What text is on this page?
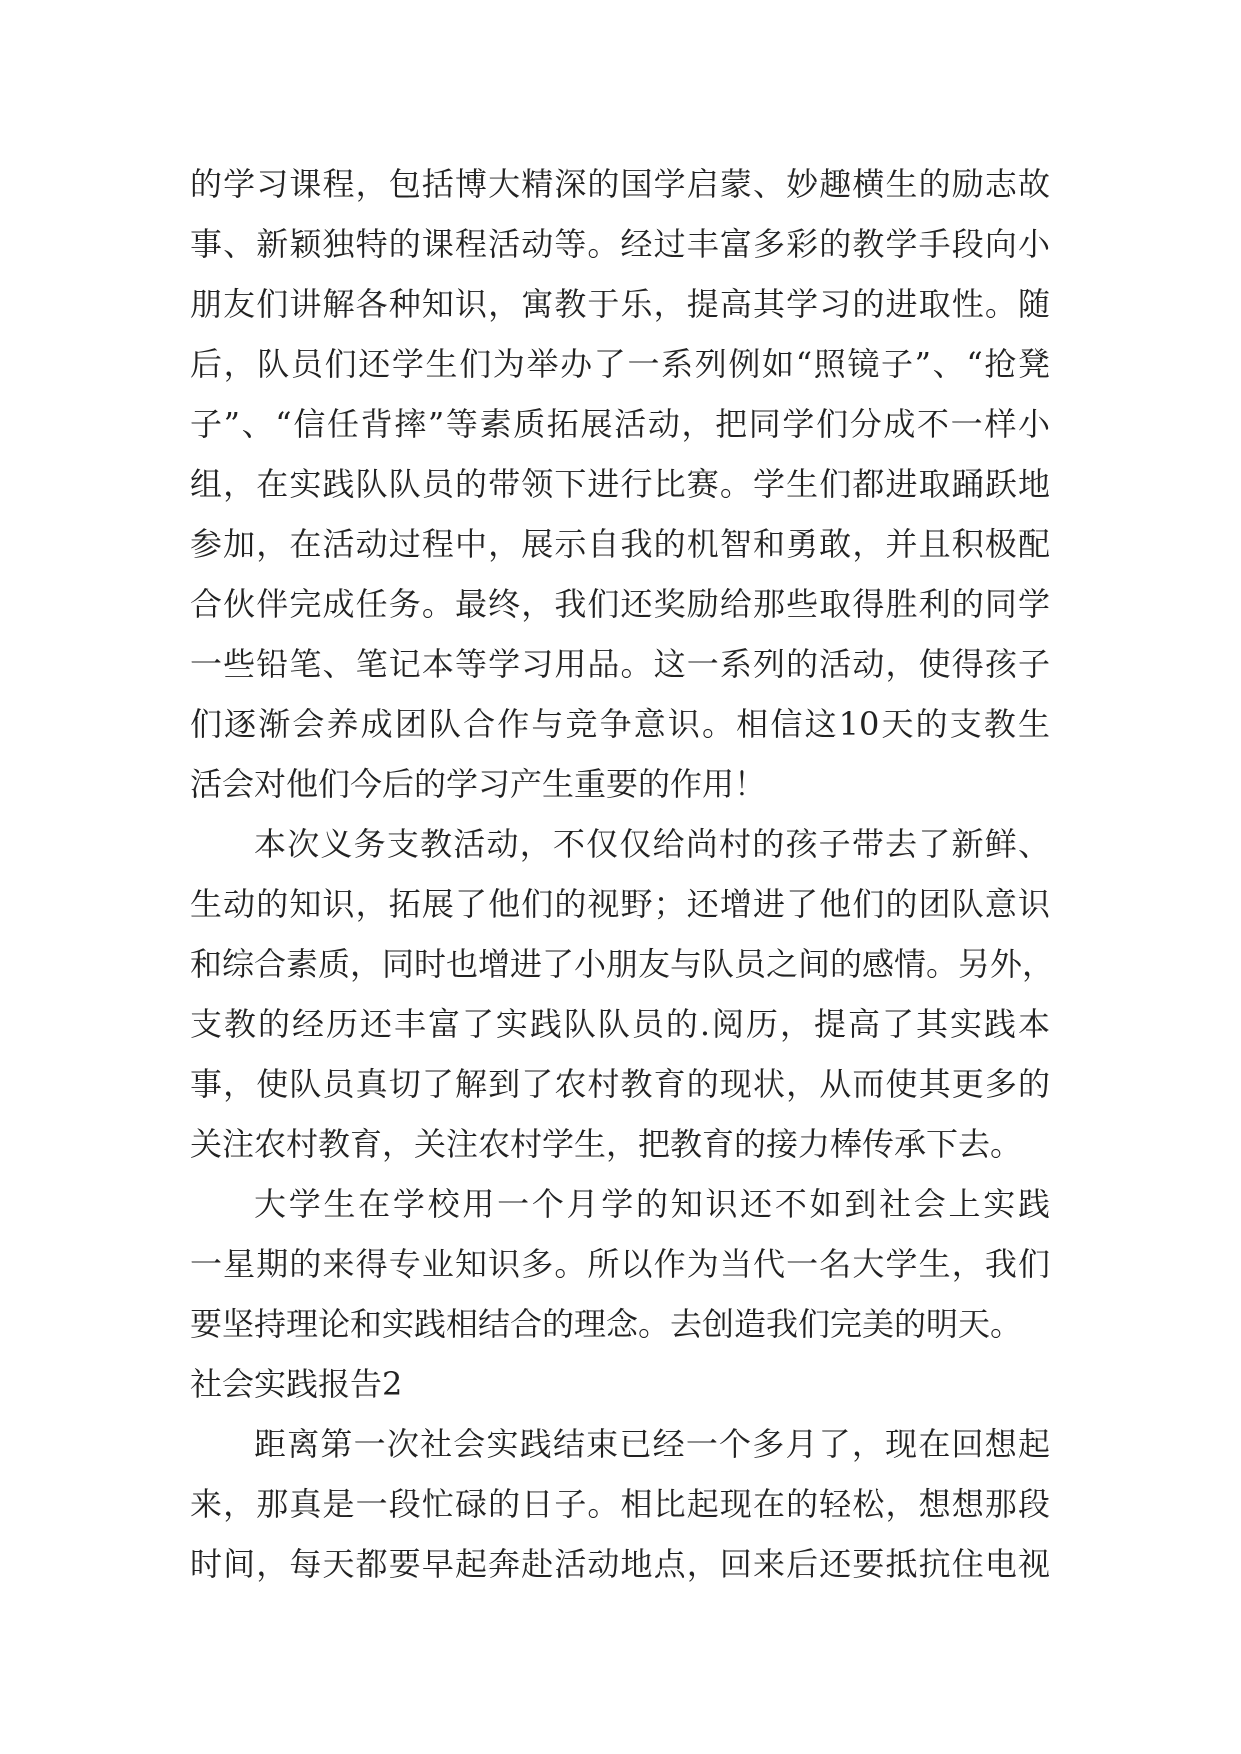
的学习课程，包括博大精深的国学启蒙、妙趣横生的励志故
事、新颖独特的课程活动等。经过丰富多彩的教学手段向小
朋友们讲解各种知识，寓教于乐，提高其学习的进取性。随
后，队员们还学生们为举办了一系列例如“照镜子”、“抢凳
子”、“信任背摔”等素质拓展活动，把同学们分成不一样小
组，在实践队队员的带领下进行比赛。学生们都进取踊跃地
参加，在活动过程中，展示自我的机智和勇敢，并且积极配
合伙伴完成任务。最终，我们还奖励给那些取得胜利的同学
一些铅笔、笔记本等学习用品。这一系列的活动，使得孩子
们逐渐会养成团队合作与竞争意识。相信这10天的支教生
活会对他们今后的学习产生重要的作用！
本次义务支教活动，不仅仅给尚村的孩子带去了新鲜、
生动的知识，拓展了他们的视野；还增进了他们的团队意识
和综合素质，同时也增进了小朋友与队员之间的感情。另外，
支教的经历还丰富了实践队队员的.阅历，提高了其实践本
事，使队员真切了解到了农村教育的现状，从而使其更多的
关注农村教育，关注农村学生，把教育的接力棒传承下去。
大学生在学校用一个月学的知识还不如到社会上实践
一星期的来得专业知识多。所以作为当代一名大学生，我们
要坚持理论和实践相结合的理念。去创造我们完美的明天。
社会实践报告2
距离第一次社会实践结束已经一个多月了，现在回想起
来，那真是一段忙碌的日子。相比起现在的轻松，想想那段
时间，每天都要早起奔赴活动地点，回来后还要抵抗住电视
